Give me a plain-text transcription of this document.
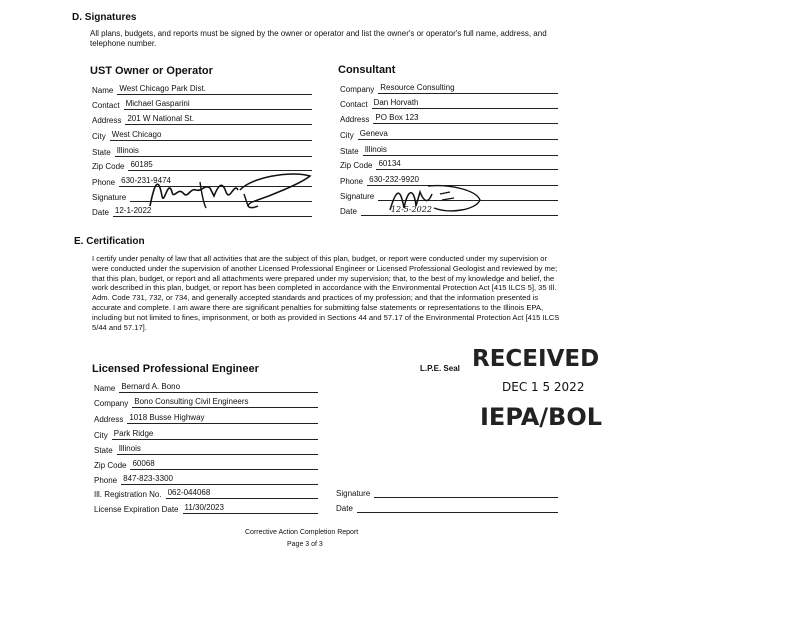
D. Signatures
All plans, budgets, and reports must be signed by the owner or operator and list the owner's or operator's full name, address, and telephone number.
UST Owner or Operator
Name West Chicago Park Dist.
Contact Michael Gasparini
Address 201 W National St.
City West Chicago
State Illinois
Zip Code 60185
Phone 630-231-9474
Signature
Date 12-1-2022
Consultant
Company Resource Consulting
Contact Dan Horvath
Address PO Box 123
City Geneva
State Illinois
Zip Code 60134
Phone 630-232-9920
Signature
Date	12-5-2022
E. Certification
I certify under penalty of law that all activities that are the subject of this plan, budget, or report were conducted under my supervision or were conducted under the supervision of another Licensed Professional Engineer or Licensed Professional Geologist and reviewed by me; that this plan, budget, or report and all attachments were prepared under my supervision; that, to the best of my knowledge and belief, the work described in this plan, budget, or report has been completed in accordance with the Environmental Protection Act [415 ILCS 5], 35 Ill. Adm. Code 731, 732, or 734, and generally accepted standards and practices of my profession; and that the information presented is accurate and complete. I am aware there are significant penalties for submitting false statements or representations to the Illinois EPA, including but not limited to fines, imprisonment, or both as provided in Sections 44 and 57.17 of the Environmental Protection Act [415 ILCS 5/44 and 57.17].
Licensed Professional Engineer	L.P.E. Seal
Name Bernard A. Bono
Company Bono Consulting Civil Engineers
Address 1018 Busse Highway
City Park Ridge
State Illinois
Zip Code 60068
Phone 847-823-3300
Ill. Registration No. 062-044068
License Expiration Date 11/30/2023
Signature
Date
RECEIVED
DEC 1 5 2022
IEPA/BOL
Corrective Action Completion Report
Page 3 of 3
